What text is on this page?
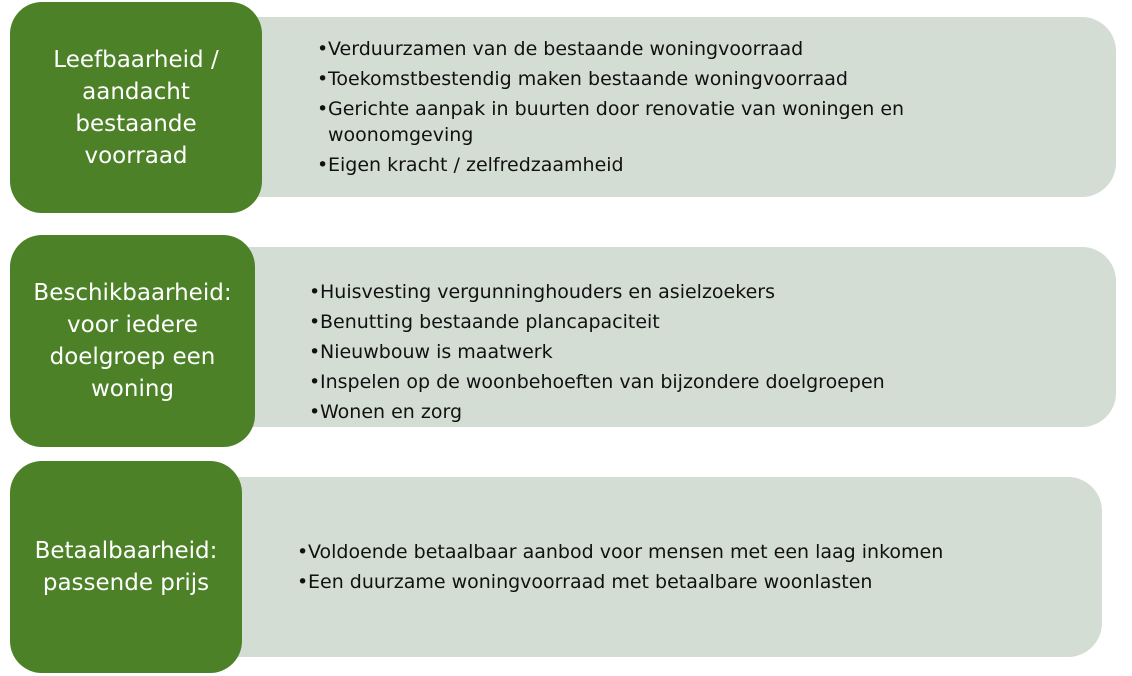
• Verduurzamen van de bestaande woningvoorraad
• Toekomstbestendig maken bestaande woningvoorraad
• Gerichte aanpak in buurten door renovatie van woningen en woonomgeving
• Eigen kracht / zelfredzaamheid
Leefbaarheid /
aandacht
bestaande
voorraad
• Huisvesting vergunninghouders en asielzoekers
• Benutting bestaande plancapaciteit
• Nieuwbouw is maatwerk
• Inspelen op de woonbehoeften van bijzondere doelgroepen
• Wonen en zorg
Beschikbaarheid:
voor iedere
doelgroep een
woning
• Voldoende betaalbaar aanbod voor mensen met een laag inkomen
• Een duurzame woningvoorraad met betaalbare woonlasten
Betaalbaarheid:
passende prijs
